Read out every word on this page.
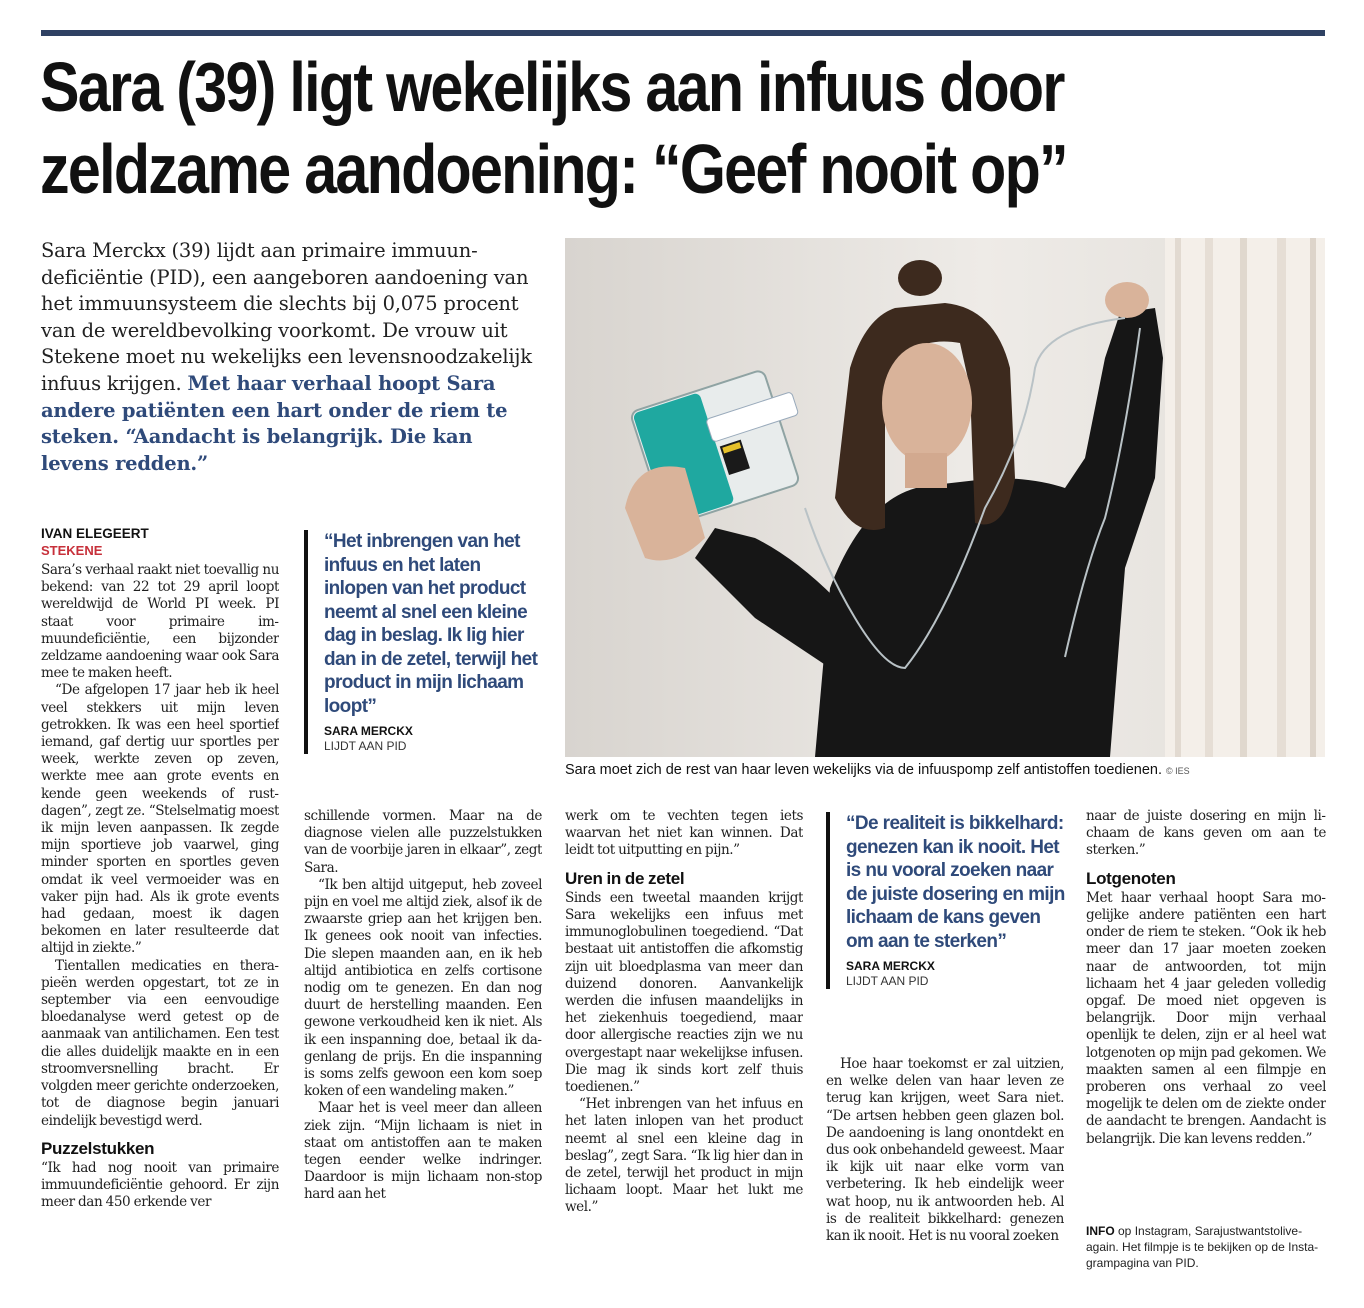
Sara (39) ligt wekelijks aan infuus door
zeldzame aandoening: “Geef nooit op”

Sara Merckx (39) lijdt aan primaire immuundeficiëntie (PID), een aangeboren aandoening van het immuunsysteem die slechts bij 0,075 procent van de wereldbevolking voorkomt. De vrouw uit Stekene moet nu wekelijks een levensnoodzakelijk infuus krijgen. Met haar verhaal hoopt Sara andere patiënten een hart onder de riem te steken. “Aandacht is belangrijk. Die kan levens redden.”

Sara moet zich de rest van haar leven wekelijks via de infuuspomp zelf antistoffen toedienen. © IES

IVAN ELEGEERT
STEKENE

Sara’s verhaal raakt niet toevallig nu bekend: van 22 tot 29 april loopt wereldwijd de World PI week. PI staat voor primaire immuundeficiëntie, een bijzonder zeldzame aandoening waar ook Sara mee te maken heeft.

“De afgelopen 17 jaar heb ik heel veel stekkers uit mijn leven getrokken. Ik was een heel sportief iemand, gaf dertig uur sportles per week, werkte zeven op zeven, werkte mee aan grote events en kende geen weekends of rustdagen”, zegt ze. “Stelselmatig moest ik mijn leven aanpassen. Ik zegde mijn sportieve job vaarwel, ging minder sporten en sportles geven omdat ik veel vermoeider was en vaker pijn had. Als ik grote events had gedaan, moest ik dagen bekomen en later resulteerde dat altijd in ziekte.”

Tientallen medicaties en therapieën werden opgestart, tot ze in september via een eenvoudige bloedanalyse werd getest op de aanmaak van antilichamen. Een test die alles duidelijk maakte en in een stroomversnelling bracht. Er volgden meer gerichte onderzoeken, tot de diagnose begin januari eindelijk bevestigd werd.

Puzzelstukken

“Ik had nog nooit van primaire immuundeficiëntie gehoord. Er zijn meer dan 450 erkende ver

“Het inbrengen van het infuus en het laten inlopen van het product neemt al snel een kleine dag in beslag. Ik lig hier dan in de zetel, terwijl het product in mijn lichaam loopt”

SARA MERCKX
LIJDT AAN PID

schillende vormen. Maar na de diagnose vielen alle puzzelstukken van de voorbije jaren in elkaar”, zegt Sara.

“Ik ben altijd uitgeput, heb zoveel pijn en voel me altijd ziek, alsof ik de zwaarste griep aan het krijgen ben. Ik genees ook nooit van infecties. Die slepen maanden aan, en ik heb altijd antibiotica en zelfs cortisone nodig om te genezen. En dan nog duurt de herstelling maanden. Een gewone verkoudheid ken ik niet. Als ik een inspanning doe, betaal ik dagenlang de prijs. En die inspanning is soms zelfs gewoon een kom soep koken of een wandeling maken.”

Maar het is veel meer dan alleen ziek zijn. “Mijn lichaam is niet in staat om antistoffen aan te maken tegen eender welke indringer. Daardoor is mijn lichaam non-stop hard aan het

werk om te vechten tegen iets waarvan het niet kan winnen. Dat leidt tot uitputting en pijn.”

Uren in de zetel

Sinds een tweetal maanden krijgt Sara wekelijks een infuus met immunoglobulinen toegediend. “Dat bestaat uit antistoffen die afkomstig zijn uit bloedplasma van meer dan duizend donoren. Aanvankelijk werden die infusen maandelijks in het ziekenhuis toegediend, maar door allergische reacties zijn we nu overgestapt naar wekelijkse infusen. Die mag ik sinds kort zelf thuis toedienen.”

“Het inbrengen van het infuus en het laten inlopen van het product neemt al snel een kleine dag in beslag”, zegt Sara. “Ik lig hier dan in de zetel, terwijl het product in mijn lichaam loopt. Maar het lukt me wel.”

“De realiteit is bikkelhard: genezen kan ik nooit. Het is nu vooral zoeken naar de juiste dosering en mijn lichaam de kans geven om aan te sterken”

SARA MERCKX
LIJDT AAN PID

Hoe haar toekomst er zal uitzien, en welke delen van haar leven ze terug kan krijgen, weet Sara niet. “De artsen hebben geen glazen bol. De aandoening is lang onontdekt en dus ook onbehandeld geweest. Maar ik kijk uit naar elke vorm van verbetering. Ik heb eindelijk weer wat hoop, nu ik antwoorden heb. Al is de realiteit bikkelhard: genezen kan ik nooit. Het is nu vooral zoeken

naar de juiste dosering en mijn lichaam de kans geven om aan te sterken.”

Lotgenoten

Met haar verhaal hoopt Sara mogelijke andere patiënten een hart onder de riem te steken. “Ook ik heb meer dan 17 jaar moeten zoeken naar de antwoorden, tot mijn lichaam het 4 jaar geleden volledig opgaf. De moed niet opgeven is belangrijk. Door mijn verhaal openlijk te delen, zijn er al heel wat lotgenoten op mijn pad gekomen. We maakten samen al een filmpje en proberen ons verhaal zo veel mogelijk te delen om de ziekte onder de aandacht te brengen. Aandacht is belangrijk. Die kan levens redden.”

INFO op Instagram, Sarajustwantstoliveagain. Het filmpje is te bekijken op de Instagrampagina van PID.
